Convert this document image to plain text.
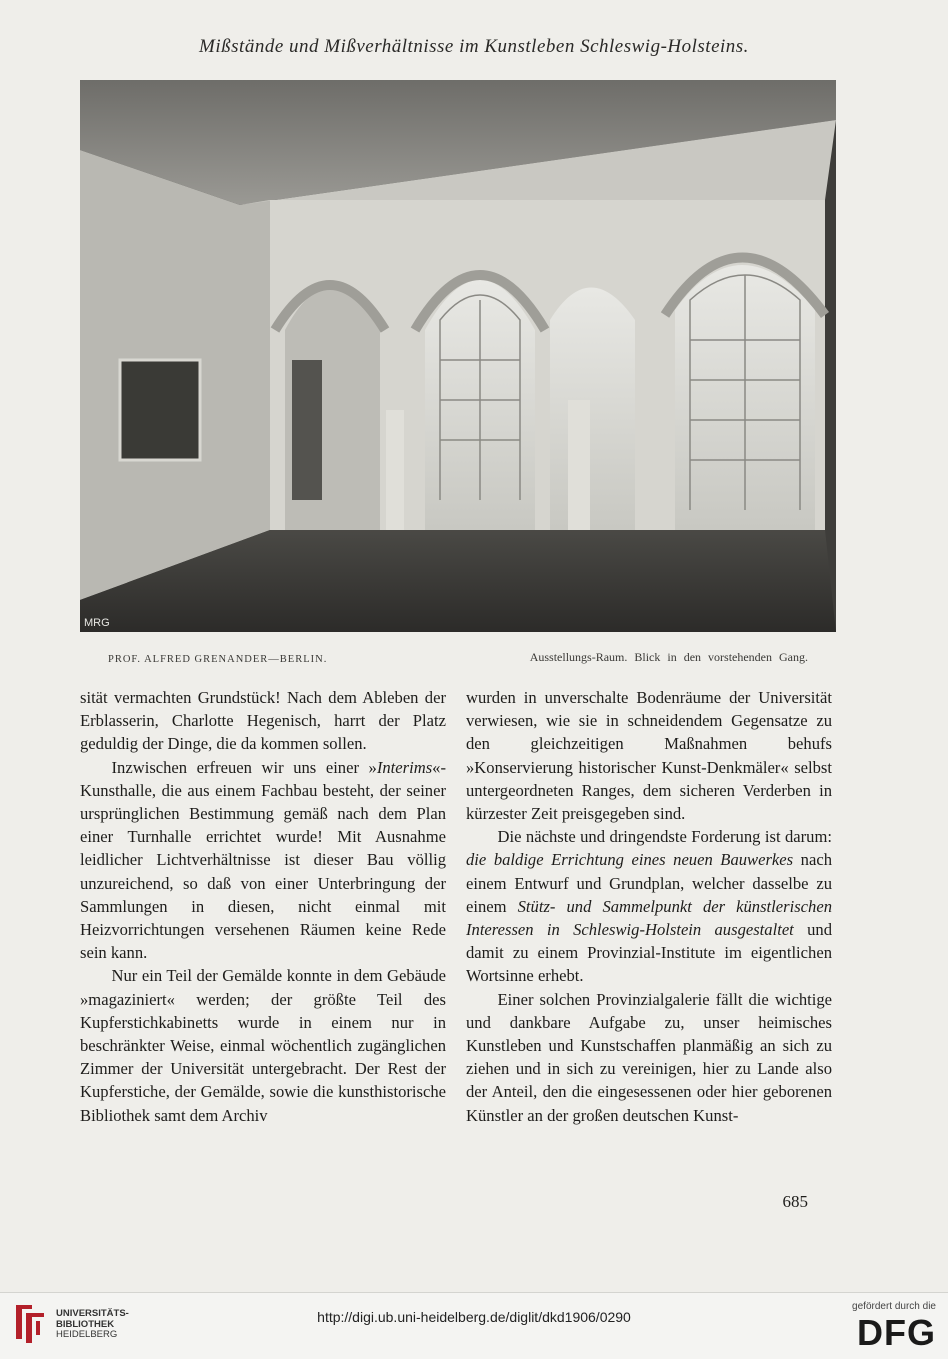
Mißstände und Mißverhältnisse im Kunstleben Schleswig-Holsteins.
MRG
PROF. ALFRED GRENANDER—BERLIN.	Ausstellungs-Raum. Blick in den vorstehenden Gang.

sität vermachten Grundstück! Nach dem Ableben der Erblasserin, Charlotte Hegenisch, harrt der Platz geduldig der Dinge, die da kommen sollen.

Inzwischen erfreuen wir uns einer »Interims«-Kunsthalle, die aus einem Fachbau besteht, der seiner ursprünglichen Bestimmung gemäß nach dem Plan einer Turnhalle errichtet wurde! Mit Ausnahme leidlicher Lichtverhältnisse ist dieser Bau völlig unzureichend, so daß von einer Unterbringung der Sammlungen in diesen, nicht einmal mit Heizvorrichtungen versehenen Räumen keine Rede sein kann.

Nur ein Teil der Gemälde konnte in dem Gebäude »magaziniert« werden; der größte Teil des Kupferstichkabinetts wurde in einem nur in beschränkter Weise, einmal wöchentlich zugänglichen Zimmer der Universität untergebracht. Der Rest der Kupferstiche, der Gemälde, sowie die kunsthistorische Bibliothek samt dem Archiv

wurden in unverschalte Bodenräume der Universität verwiesen, wie sie in schneidendem Gegensatze zu den gleichzeitigen Maßnahmen behufs »Konservierung historischer Kunst-Denkmäler« selbst untergeordneten Ranges, dem sicheren Verderben in kürzester Zeit preisgegeben sind.

Die nächste und dringendste Forderung ist darum: die baldige Errichtung eines neuen Bauwerkes nach einem Entwurf und Grundplan, welcher dasselbe zu einem Stütz- und Sammelpunkt der künstlerischen Interessen in Schleswig-Holstein ausgestaltet und damit zu einem Provinzial-Institute im eigentlichen Wortsinne erhebt.

Einer solchen Provinzialgalerie fällt die wichtige und dankbare Aufgabe zu, unser heimisches Kunstleben und Kunstschaffen planmäßig an sich zu ziehen und in sich zu vereinigen, hier zu Lande also der Anteil, den die eingesessenen oder hier geborenen Künstler an der großen deutschen Kunst-

685
UNIVERSITÄTS-
BIBLIOTHEK
HEIDELBERG
http://digi.ub.uni-heidelberg.de/diglit/dkd1906/0290
gefördert durch die
DFG
